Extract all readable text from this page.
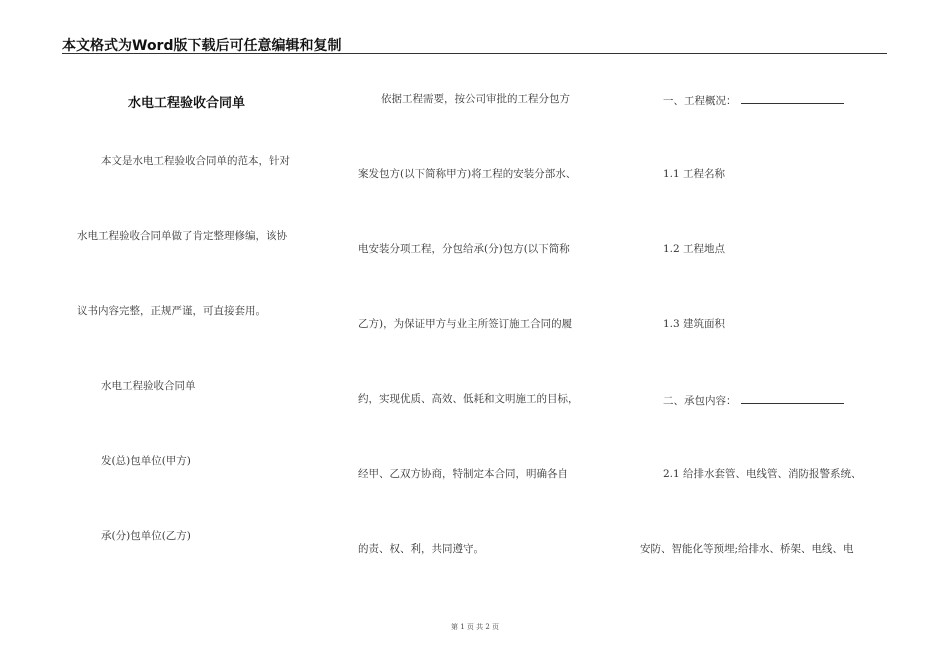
本文格式为Word版下载后可任意编辑和复制
水电工程验收合同单
本文是水电工程验收合同单的范本，针对
水电工程验收合同单做了肯定整理修编，该协
议书内容完整，正规严谨，可直接套用。
水电工程验收合同单
发(总)包单位(甲方)
承(分)包单位(乙方)
依据工程需要，按公司审批的工程分包方
案发包方(以下简称甲方)将工程的安装分部水、
电安装分项工程，分包给承(分)包方(以下简称
乙方)，为保证甲方与业主所签订施工合同的履
约，实现优质、高效、低耗和文明施工的目标，
经甲、乙双方协商，特制定本合同，明确各自
的责、权、利，共同遵守。
一、工程概况：
1.1 工程名称
1.2 工程地点
1.3 建筑面积
二、承包内容：
2.1 给排水套管、电线管、消防报警系统、
安防、智能化等预埋;给排水、桥架、电线、电
第 1 页 共 2 页
